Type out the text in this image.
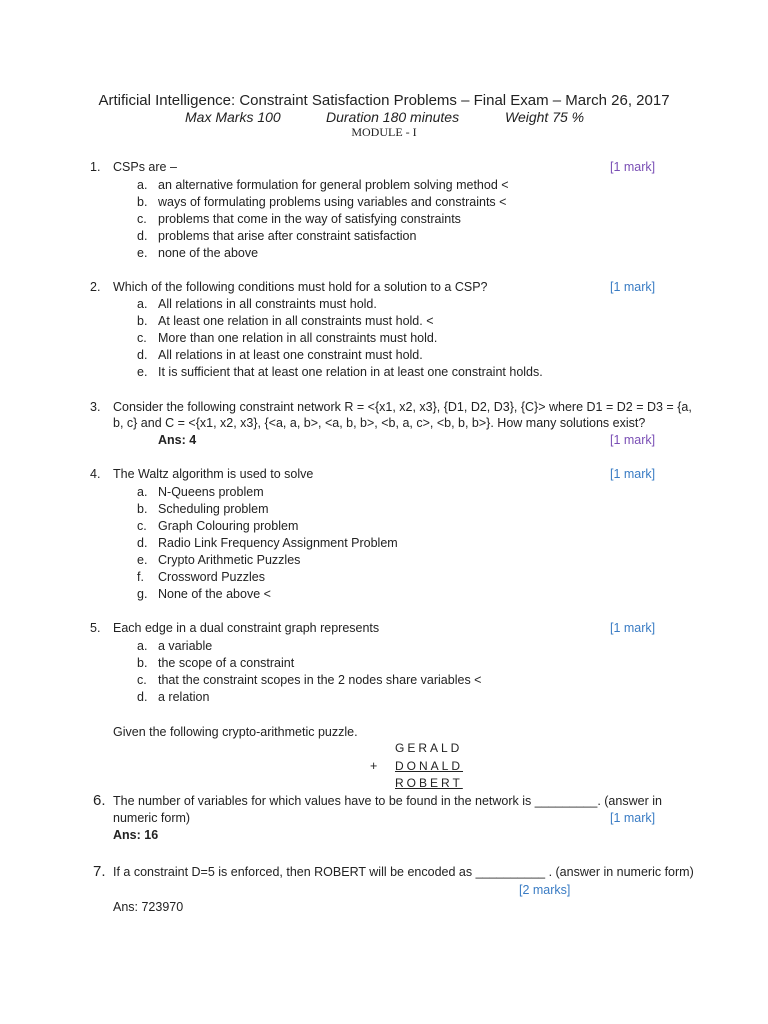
Artificial Intelligence: Constraint Satisfaction Problems – Final Exam – March 26, 2017
Max Marks 100	Duration 180 minutes	Weight 75 %
MODULE - I
1. CSPs are –	[1 mark]
a. an alternative formulation for general problem solving method <
b. ways of formulating problems using variables and constraints <
c. problems that come in the way of satisfying constraints
d. problems that arise after constraint satisfaction
e. none of the above
2. Which of the following conditions must hold for a solution to a CSP?	[1 mark]
a. All relations in all constraints must hold.
b. At least one relation in all constraints must hold. <
c. More than one relation in all constraints must hold.
d. All relations in at least one constraint must hold.
e. It is sufficient that at least one relation in at least one constraint holds.
3. Consider the following constraint network R = <{x1, x2, x3}, {D1, D2, D3}, {C}> where D1 = D2 = D3 = {a,
b, c} and C = <{x1, x2, x3}, {<a, a, b>, <a, b, b>, <b, a, c>, <b, b, b>}. How many solutions exist?
Ans: 4	[1 mark]
4. The Waltz algorithm is used to solve	[1 mark]
a. N-Queens problem
b. Scheduling problem
c. Graph Colouring problem
d. Radio Link Frequency Assignment Problem
e. Crypto Arithmetic Puzzles
f. Crossword Puzzles
g. None of the above <
5. Each edge in a dual constraint graph represents	[1 mark]
a. a variable
b. the scope of a constraint
c. that the constraint scopes in the 2 nodes share variables <
d. a relation
Given the following crypto-arithmetic puzzle.
GERALD
+ DONALD
ROBERT
6. The number of variables for which values have to be found in the network is _________. (answer in
numeric form)	[1 mark]
Ans: 16
7. If a constraint D=5 is enforced, then ROBERT will be encoded as __________ . (answer in numeric form)
[2 marks]
Ans: 723970
